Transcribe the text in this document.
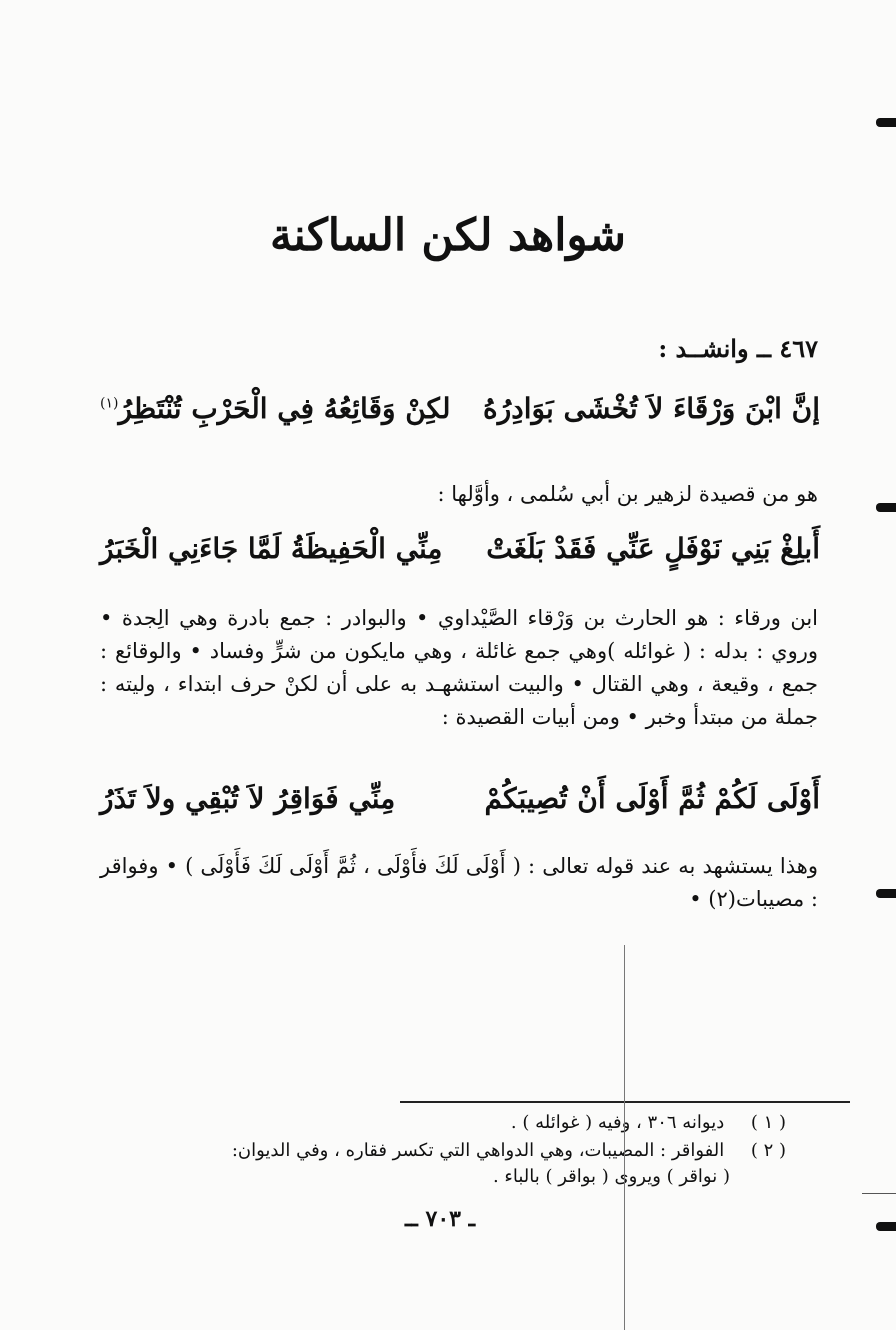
شواهد لكن الساكنة
٤٦٧ ــ وانشــد :
إنَّ ابْنَ وَرْقَاءَ لاَ تُخْشَى بَوَادِرُهُ
لكِنْ وَقَائِعُهُ فِي الْحَرْبِ تُنْتَظِرُ$^{(١)}$

هو من قصيدة لزهير بن أبي سُلمى ، وأوَّلها :

أَبلِغْ بَنِي نَوْفَلٍ عَنِّي فَقَدْ بَلَغَتْ
مِنِّي الْحَفِيظَةُ لَمَّا جَاءَنِي الْخَبَرُ

ابن ورقاء : هو الحارث بن وَرْقاء الصَّيْداوي • والبوادر : جمع بادرة وهي الِجدة • وروي : بدله : ( غوائله )وهي جمع غائلة ، وهي مايكون من شرٍّ وفساد • والوقائع : جمع ، وقيعة ، وهي القتال • والبيت استشهـد به على أن لكنْ حرف ابتداء ، وليته : جملة من مبتدأ وخبر • ومن أبيات القصيدة :

أَوْلَى لَكُمْ ثُمَّ أَوْلَى أَنْ تُصِيبَكُمْ
مِنِّي فَوَاقِرُ لاَ تُبْقِي ولاَ تَذَرُ

وهذا يستشهد به عند قوله تعالى : ( أَوْلَى لَكَ فأَوْلَى ، ثُمَّ أَوْلَى لَكَ فَأَوْلَى ) • وفواقر : مصيبات(٢) •

( ١ ) ديوانه ٣٠٦ ، وفيه ( غوائله ) .
( ٢ ) الفواقر : المصيبات، وهي الدواهي التي تكسر فقاره ، وفي الديوان:
( نواقر ) ويروى ( بواقر ) بالباء .
ـ ٧٠٣ ــ
